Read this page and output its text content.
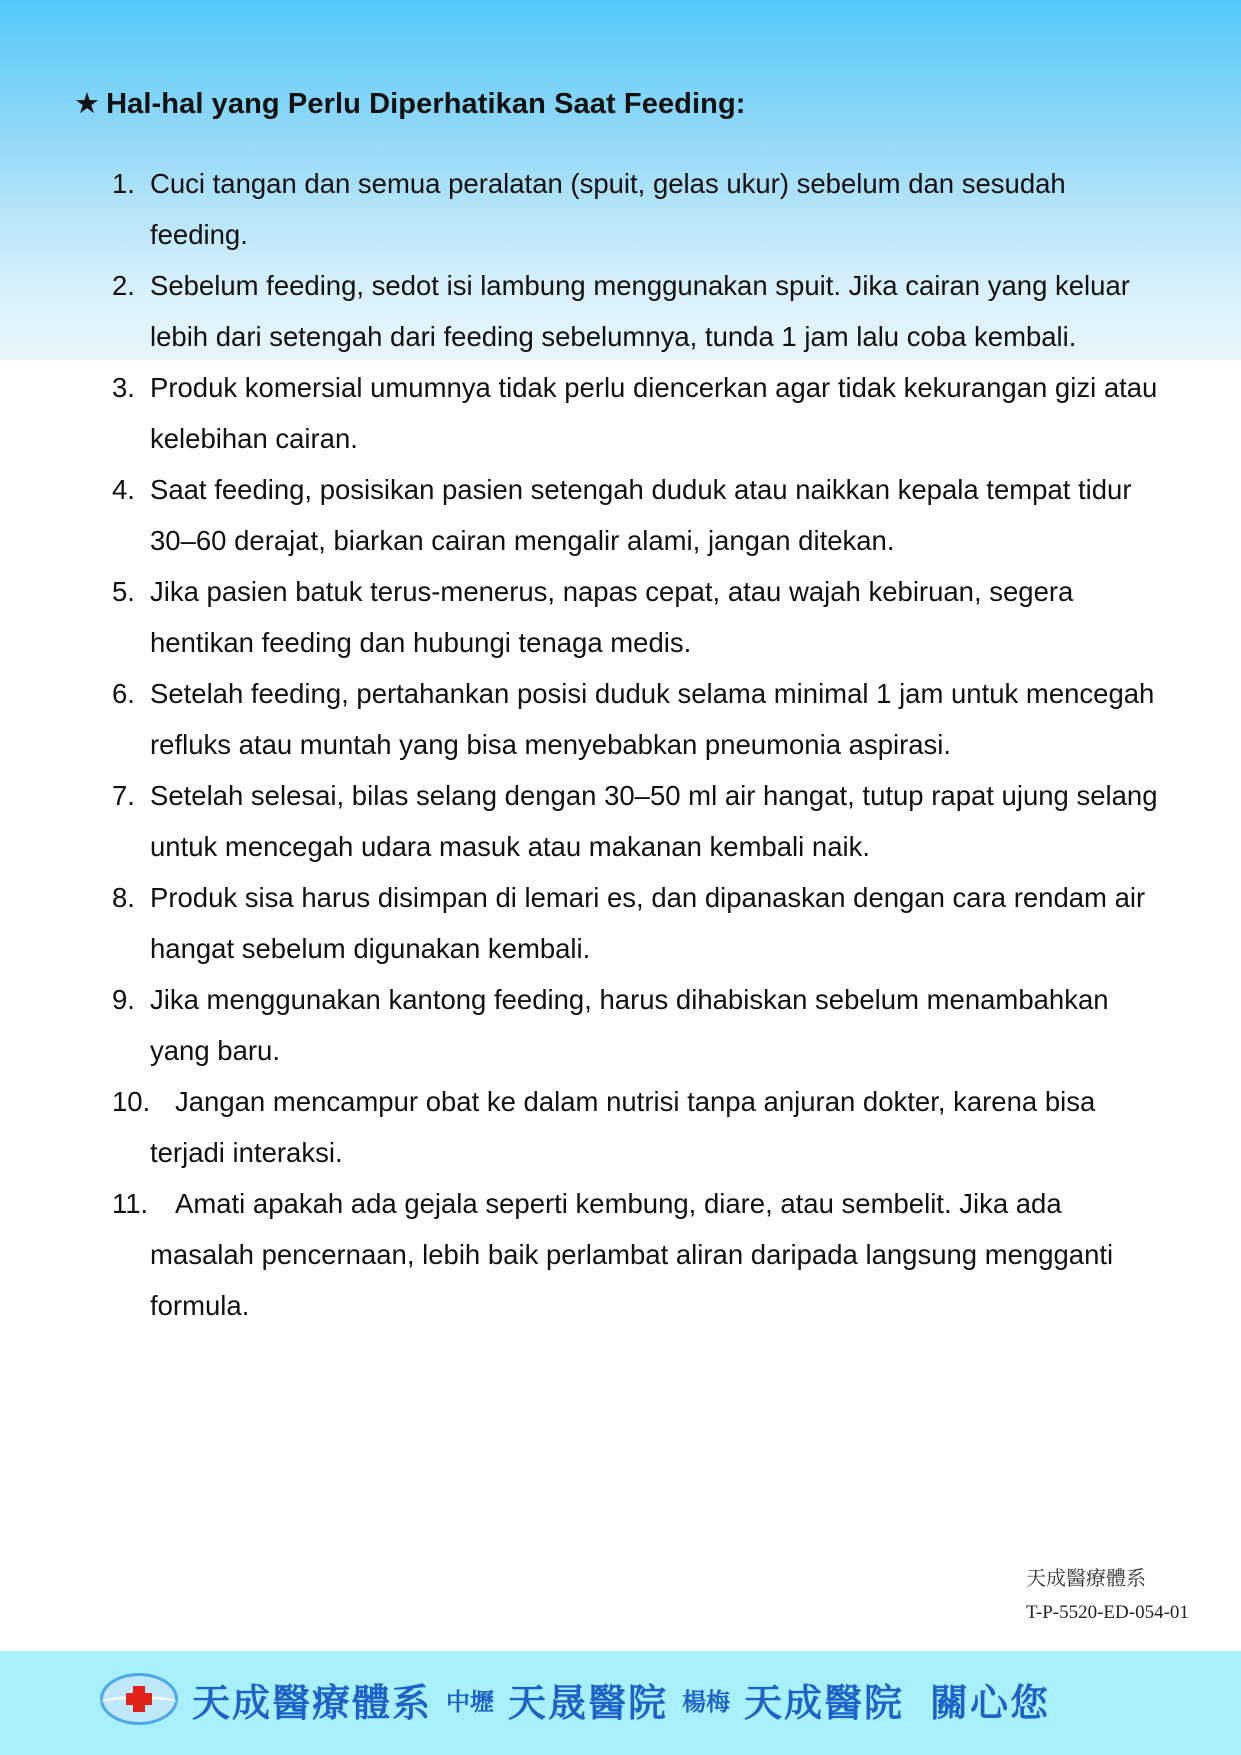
★ Hal-hal yang Perlu Diperhatikan Saat Feeding:
1. Cuci tangan dan semua peralatan (spuit, gelas ukur) sebelum dan sesudah feeding.
2. Sebelum feeding, sedot isi lambung menggunakan spuit. Jika cairan yang keluar lebih dari setengah dari feeding sebelumnya, tunda 1 jam lalu coba kembali.
3. Produk komersial umumnya tidak perlu diencerkan agar tidak kekurangan gizi atau kelebihan cairan.
4. Saat feeding, posisikan pasien setengah duduk atau naikkan kepala tempat tidur 30–60 derajat, biarkan cairan mengalir alami, jangan ditekan.
5. Jika pasien batuk terus-menerus, napas cepat, atau wajah kebiruan, segera hentikan feeding dan hubungi tenaga medis.
6. Setelah feeding, pertahankan posisi duduk selama minimal 1 jam untuk mencegah refluks atau muntah yang bisa menyebabkan pneumonia aspirasi.
7. Setelah selesai, bilas selang dengan 30–50 ml air hangat, tutup rapat ujung selang untuk mencegah udara masuk atau makanan kembali naik.
8. Produk sisa harus disimpan di lemari es, dan dipanaskan dengan cara rendam air hangat sebelum digunakan kembali.
9. Jika menggunakan kantong feeding, harus dihabiskan sebelum menambahkan yang baru.
10. Jangan mencampur obat ke dalam nutrisi tanpa anjuran dokter, karena bisa terjadi interaksi.
11. Amati apakah ada gejala seperti kembung, diare, atau sembelit. Jika ada masalah pencernaan, lebih baik perlambat aliran daripada langsung mengganti formula.
天成醫療體系
T-P-5520-ED-054-01
天成醫療體系 中壢 天晟醫院 楊梅 天成醫院 關心您
